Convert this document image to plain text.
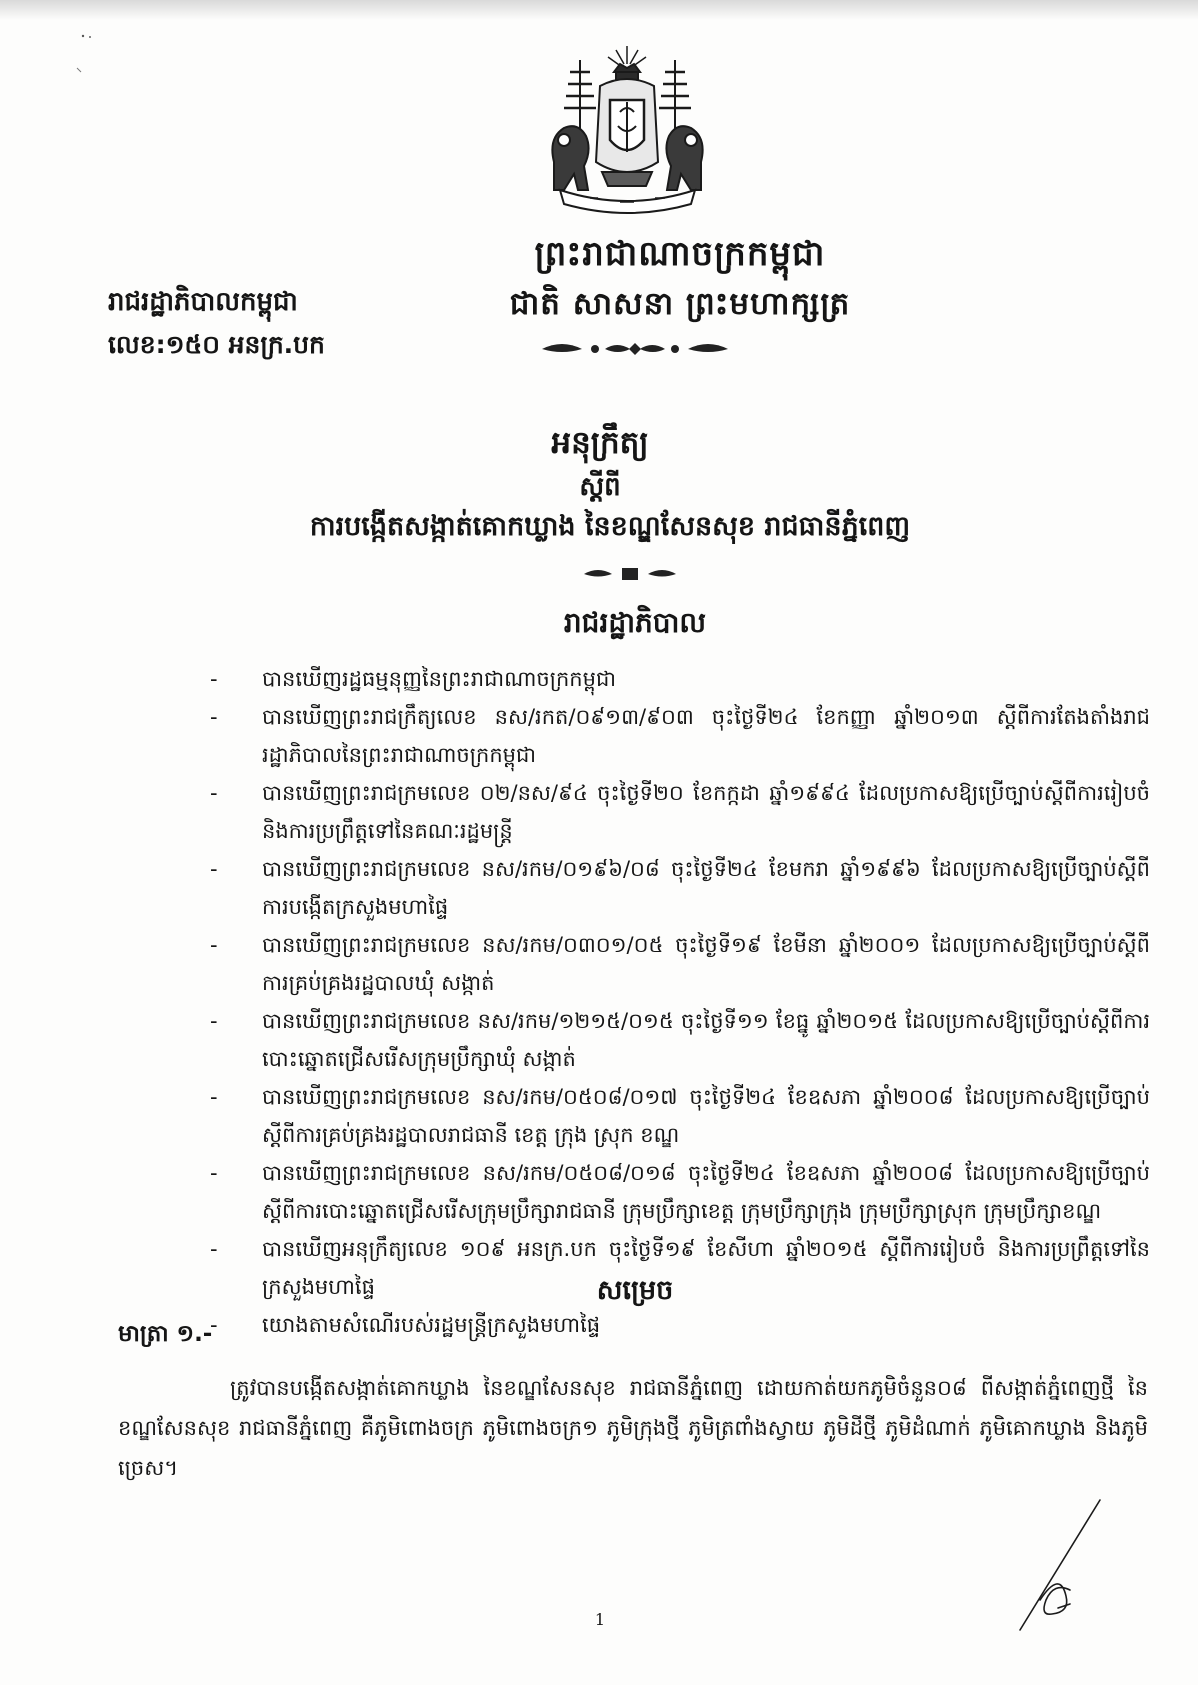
ព្រះរាជាណាចក្រកម្ពុជា
ជាតិ សាសនា ព្រះមហាក្សត្រ
រាជរដ្ឋាភិបាលកម្ពុជា
លេខ:១៥០ អនក្រ.បក
អនុក្រឹត្យ
ស្តីពី
ការបង្កើតសង្កាត់គោកឃ្លាង នៃខណ្ឌសែនសុខ រាជធានីភ្នំពេញ
រាជរដ្ឋាភិបាល
-	បានឃើញរដ្ឋធម្មនុញ្ញនៃព្រះរាជាណាចក្រកម្ពុជា
-	បានឃើញព្រះរាជក្រឹត្យលេខ នស/រកត/០៩១៣/៩០៣ ចុះថ្ងៃទី២៤ ខែកញ្ញា ឆ្នាំ២០១៣ ស្តីពីការតែងតាំងរាជរដ្ឋាភិបាលនៃព្រះរាជាណាចក្រកម្ពុជា
-	បានឃើញព្រះរាជក្រមលេខ ០២/នស/៩៤ ចុះថ្ងៃទី២០ ខែកក្កដា ឆ្នាំ១៩៩៤ ដែលប្រកាសឱ្យប្រើច្បាប់ស្តីពីការរៀបចំ និងការប្រព្រឹត្តទៅនៃគណៈរដ្ឋមន្ត្រី
-	បានឃើញព្រះរាជក្រមលេខ នស/រកម/០១៩៦/០៨ ចុះថ្ងៃទី២៤ ខែមករា ឆ្នាំ១៩៩៦ ដែលប្រកាសឱ្យប្រើច្បាប់ស្តីពីការបង្កើតក្រសួងមហាផ្ទៃ
-	បានឃើញព្រះរាជក្រមលេខ នស/រកម/០៣០១/០៥ ចុះថ្ងៃទី១៩ ខែមីនា ឆ្នាំ២០០១ ដែលប្រកាសឱ្យប្រើច្បាប់ស្តីពីការគ្រប់គ្រងរដ្ឋបាលឃុំ សង្កាត់
-	បានឃើញព្រះរាជក្រមលេខ នស/រកម/១២១៥/០១៥ ចុះថ្ងៃទី១១ ខែធ្នូ ឆ្នាំ២០១៥ ដែលប្រកាសឱ្យប្រើច្បាប់ស្តីពីការបោះឆ្នោតជ្រើសរើសក្រុមប្រឹក្សាឃុំ សង្កាត់
-	បានឃើញព្រះរាជក្រមលេខ នស/រកម/០៥០៨/០១៧ ចុះថ្ងៃទី២៤ ខែឧសភា ឆ្នាំ២០០៨ ដែលប្រកាសឱ្យប្រើច្បាប់ស្តីពីការគ្រប់គ្រងរដ្ឋបាលរាជធានី ខេត្ត ក្រុង ស្រុក ខណ្ឌ
-	បានឃើញព្រះរាជក្រមលេខ នស/រកម/០៥០៨/០១៨ ចុះថ្ងៃទី២៤ ខែឧសភា ឆ្នាំ២០០៨ ដែលប្រកាសឱ្យប្រើច្បាប់ស្តីពីការបោះឆ្នោតជ្រើសរើសក្រុមប្រឹក្សារាជធានី ក្រុមប្រឹក្សាខេត្ត ក្រុមប្រឹក្សាក្រុង ក្រុមប្រឹក្សាស្រុក ក្រុមប្រឹក្សាខណ្ឌ
-	បានឃើញអនុក្រឹត្យលេខ ១០៩ អនក្រ.បក ចុះថ្ងៃទី១៩ ខែសីហា ឆ្នាំ២០១៥ ស្តីពីការរៀបចំ និងការប្រព្រឹត្តទៅនៃក្រសួងមហាផ្ទៃ
-	យោងតាមសំណើរបស់រដ្ឋមន្ត្រីក្រសួងមហាផ្ទៃ
សម្រេច
មាត្រា ១.-

ត្រូវបានបង្កើតសង្កាត់គោកឃ្លាង នៃខណ្ឌសែនសុខ រាជធានីភ្នំពេញ ដោយកាត់យកភូមិចំនួន០៨ ពីសង្កាត់ភ្នំពេញថ្មី នៃខណ្ឌសែនសុខ រាជធានីភ្នំពេញ គឺភូមិពោងចក្រ ភូមិពោងចក្រ១ ភូមិក្រុងថ្មី ភូមិត្រពាំងស្វាយ ភូមិដីថ្មី ភូមិដំណាក់ ភូមិគោកឃ្លាង និងភូមិច្រេស។

1
